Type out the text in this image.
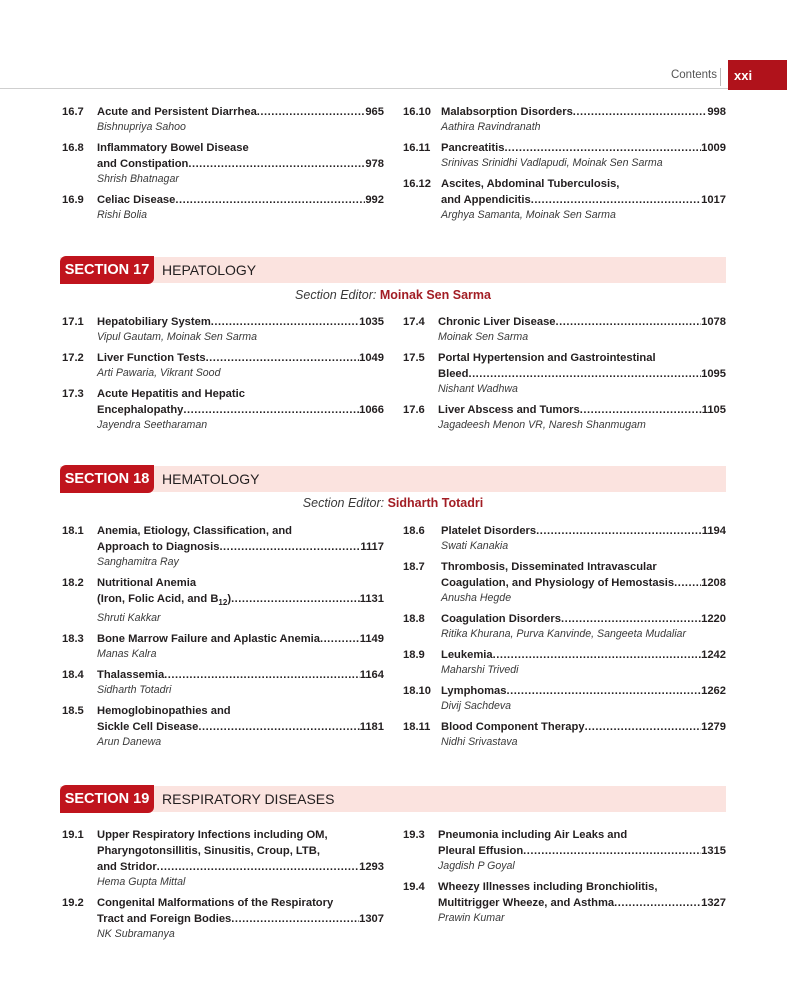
Contents xxi
16.7	Acute and Persistent Diarrhea .....	965
Bishnupriya Sahoo
16.8	Inflammatory Bowel Disease
and Constipation .....	978
Shrish Bhatnagar
16.9	Celiac Disease .....	992
Rishi Bolia
16.10 Malabsorption Disorders .....	998
Aathira Ravindranath
16.11 Pancreatitis .....	1009
Srinivas Srinidhi Vadlapudi, Moinak Sen Sarma
16.12 Ascites, Abdominal Tuberculosis,
and Appendicitis .....	1017
Arghya Samanta, Moinak Sen Sarma
SECTION 17 HEPATOLOGY
Section Editor: Moinak Sen Sarma
17.1	Hepatobiliary System .....	1035
Vipul Gautam, Moinak Sen Sarma
17.2	Liver Function Tests .....	1049
Arti Pawaria, Vikrant Sood
17.3	Acute Hepatitis and Hepatic
Encephalopathy .....	1066
Jayendra Seetharaman
17.4	Chronic Liver Disease .....	1078
Moinak Sen Sarma
17.5	Portal Hypertension and Gastrointestinal
Bleed .....	1095
Nishant Wadhwa
17.6	Liver Abscess and Tumors .....	1105
Jagadeesh Menon VR, Naresh Shanmugam
SECTION 18 HEMATOLOGY
Section Editor: Sidharth Totadri
18.1	Anemia, Etiology, Classification, and
Approach to Diagnosis .....	1117
Sanghamitra Ray
18.2	Nutritional Anemia
(Iron, Folic Acid, and $B_{12}$) .....	1131
Shruti Kakkar
18.3	Bone Marrow Failure and Aplastic Anemia .....	1149
Manas Kalra
18.4	Thalassemia .....	1164
Sidharth Totadri
18.5	Hemoglobinopathies and
Sickle Cell Disease .....	1181
Arun Danewa
18.6	Platelet Disorders .....	1194
Swati Kanakia
18.7	Thrombosis, Disseminated Intravascular
Coagulation, and Physiology of Hemostasis ..... 1208
Anusha Hegde
18.8	Coagulation Disorders .....	1220
Ritika Khurana, Purva Kanvinde, Sangeeta Mudaliar
18.9	Leukemia .....	1242
Maharshi Trivedi
18.10 Lymphomas .....	1262
Divij Sachdeva
18.11 Blood Component Therapy .....	1279
Nidhi Srivastava
SECTION 19 RESPIRATORY DISEASES
19.1	Upper Respiratory Infections including OM,
Pharyngotonsillitis, Sinusitis, Croup, LTB,
and Stridor .....	1293
Hema Gupta Mittal
19.2	Congenital Malformations of the Respiratory
Tract and Foreign Bodies .....	1307
NK Subramanya
19.3	Pneumonia including Air Leaks and
Pleural Effusion .....	1315
Jagdish P Goyal
19.4	Wheezy Illnesses including Bronchiolitis,
Multitrigger Wheeze, and Asthma .....	1327
Prawin Kumar
